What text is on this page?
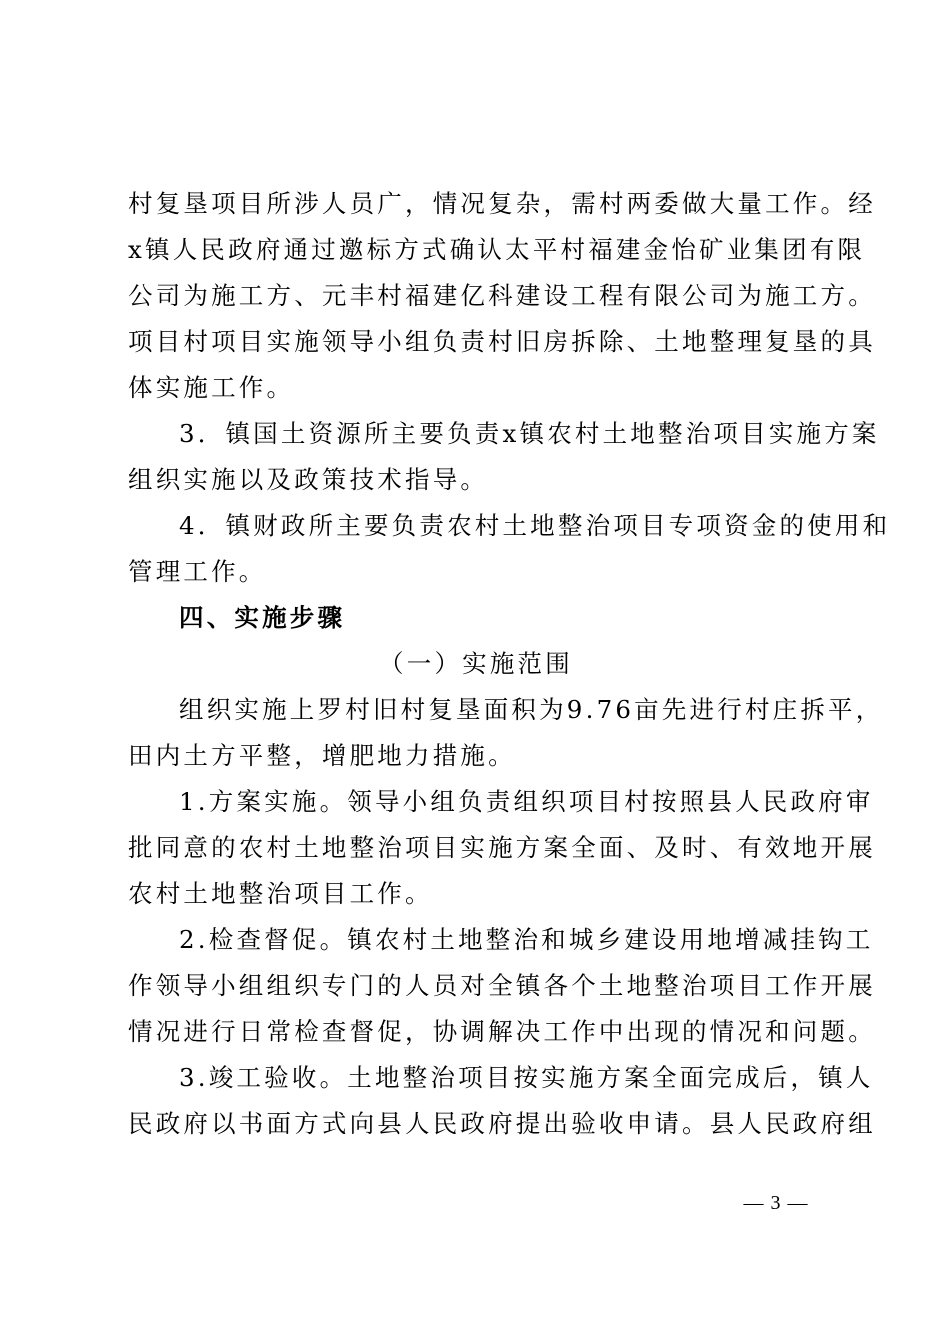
村复垦项目所涉人员广，情况复杂，需村两委做大量工作。经
x镇人民政府通过邀标方式确认太平村福建金怡矿业集团有限
公司为施工方、元丰村福建亿科建设工程有限公司为施工方。
项目村项目实施领导小组负责村旧房拆除、土地整理复垦的具
体实施工作。
3．镇国土资源所主要负责x镇农村土地整治项目实施方案
组织实施以及政策技术指导。
4．镇财政所主要负责农村土地整治项目专项资金的使用和
管理工作。
四、实施步骤
（一）实施范围
组织实施上罗村旧村复垦面积为9.76亩先进行村庄拆平，
田内土方平整，增肥地力措施。
1.方案实施。领导小组负责组织项目村按照县人民政府审
批同意的农村土地整治项目实施方案全面、及时、有效地开展
农村土地整治项目工作。
2.检查督促。镇农村土地整治和城乡建设用地增减挂钩工
作领导小组组织专门的人员对全镇各个土地整治项目工作开展
情况进行日常检查督促，协调解决工作中出现的情况和问题。
3.竣工验收。土地整治项目按实施方案全面完成后，镇人
民政府以书面方式向县人民政府提出验收申请。县人民政府组
— 3 —
